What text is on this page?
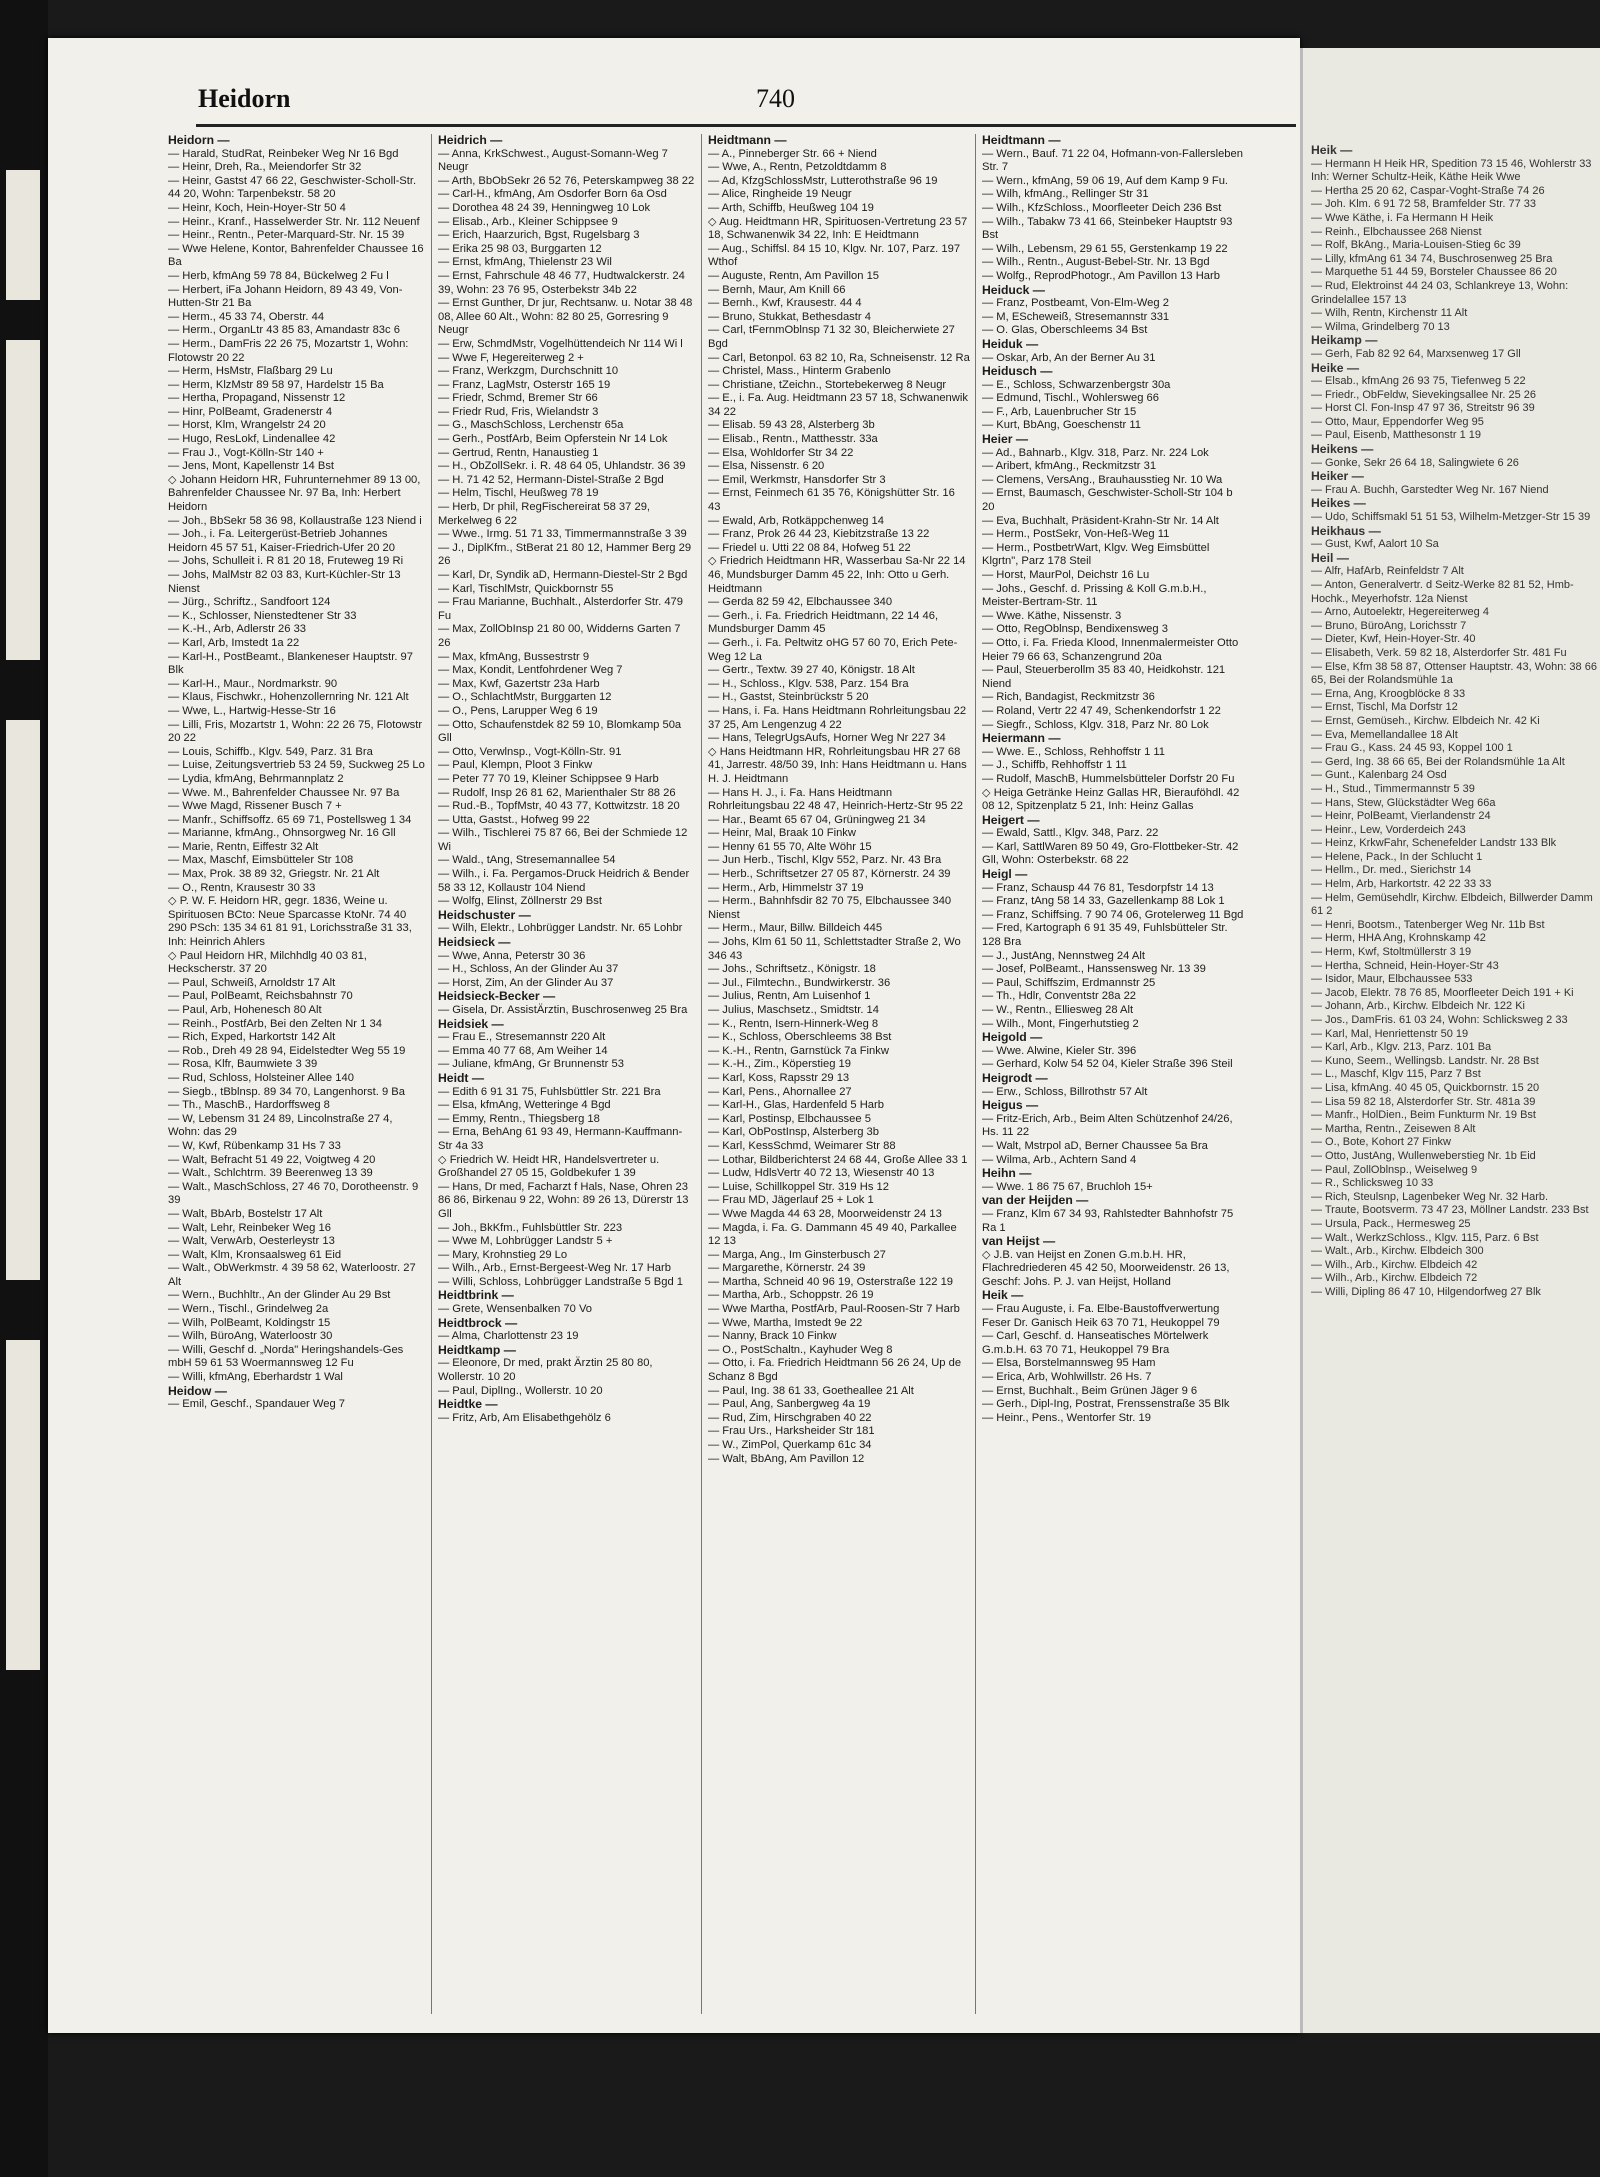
Heidorn	740

Heidorn —

— Harald, StudRat, Reinbeker Weg Nr 16 Bgd

— Heinr, Dreh, Ra., Meiendorfer Str 32

— Heinr, Gastst 47 66 22, Geschwister-Scholl-Str. 44 20, Wohn: Tarpenbekstr. 58 20

— Heinr, Koch, Hein-Hoyer-Str 50 4

— Heinr., Kranf., Hasselwerder Str. Nr. 112 Neuenf

— Heinr., Rentn., Peter-Marquard-Str. Nr. 15 39

— Wwe Helene, Kontor, Bahrenfelder Chaussee 16 Ba

— Herb, kfmAng 59 78 84, Bückelweg 2 Fu l

— Herbert, iFa Johann Heidorn, 89 43 49, Von-Hutten-Str 21 Ba

— Herm., 45 33 74, Oberstr. 44

— Herm., OrganLtr 43 85 83, Amandastr 83c 6

— Herm., DamFris 22 26 75, Mozartstr 1, Wohn: Flotowstr 20 22

— Herm, HsMstr, Flaßbarg 29 Lu

— Herm, KlzMstr 89 58 97, Hardelstr 15 Ba

— Hertha, Propagand, Nissenstr 12

— Hinr, PolBeamt, Gradenerstr 4

— Horst, Klm, Wrangelstr 24 20

— Hugo, ResLokf, Lindenallee 42

— Frau J., Vogt-Kölln-Str 140 +

— Jens, Mont, Kapellenstr 14 Bst

◇ Johann Heidorn HR, Fuhrunternehmer 89 13 00, Bahrenfelder Chaussee Nr. 97 Ba, Inh: Herbert Heidorn

— Joh., BbSekr 58 36 98, Kollaustraße 123 Niend i

— Joh., i. Fa. Leitergerüst-Betrieb Johannes Heidorn 45 57 51, Kaiser-Friedrich-Ufer 20 20

— Johs, Schulleit i. R 81 20 18, Fruteweg 19 Ri

— Johs, MalMstr 82 03 83, Kurt-Küchler-Str 13 Nienst

— Jürg., Schriftz., Sandfoort 124

— K., Schlosser, Nienstedtener Str 33

— K.-H., Arb, Adlerstr 26 33

— Karl, Arb, Imstedt 1a 22

— Karl-H., PostBeamt., Blankeneser Hauptstr. 97 Blk

— Karl-H., Maur., Nordmarkstr. 90

— Klaus, Fischwkr., Hohenzollernring Nr. 121 Alt

— Wwe, L., Hartwig-Hesse-Str 16

— Lilli, Fris, Mozartstr 1, Wohn: 22 26 75, Flotowstr 20 22

— Louis, Schiffb., Klgv. 549, Parz. 31 Bra

— Luise, Zeitungsvertrieb 53 24 59, Suckweg 25 Lo

— Lydia, kfmAng, Behrmannplatz 2

— Wwe. M., Bahrenfelder Chaussee Nr. 97 Ba

— Wwe Magd, Rissener Busch 7 +

— Manfr., Schiffsoffz. 65 69 71, Postellsweg 1 34

— Marianne, kfmAng., Ohnsorgweg Nr. 16 Gll

— Marie, Rentn, Eiffestr 32 Alt

— Max, Maschf, Eimsbütteler Str 108

— Max, Prok. 38 89 32, Griegstr. Nr. 21 Alt

— O., Rentn, Krausestr 30 33

◇ P. W. F. Heidorn HR, gegr. 1836, Weine u. Spirituosen BCto: Neue Sparcasse KtoNr. 74 40 290 PSch: 135 34 61 81 91, Lorichsstraße 31 33, Inh: Heinrich Ahlers

◇ Paul Heidorn HR, Milchhdlg 40 03 81, Heckscherstr. 37 20

— Paul, Schweiß, Arnoldstr 17 Alt

— Paul, PolBeamt, Reichsbahnstr 70

— Paul, Arb, Hohenesch 80 Alt

— Reinh., PostfArb, Bei den Zelten Nr 1 34

— Rich, Exped, Harkortstr 142 Alt

— Rob., Dreh 49 28 94, Eidelstedter Weg 55 19

— Rosa, Klfr, Baumwiete 3 39

— Rud, Schloss, Holsteiner Allee 140

— Siegb., tBblnsp. 89 34 70, Langenhorst. 9 Ba

— Th., MaschB., Hardorffsweg 8

— W, Lebensm 31 24 89, Lincolnstraße 27 4, Wohn: das 29

— W, Kwf, Rübenkamp 31 Hs 7 33

— Walt, Befracht 51 49 22, Voigtweg 4 20

— Walt., Schlchtrm. 39 Beerenweg 13 39

— Walt., MaschSchloss, 27 46 70, Dorotheenstr. 9 39

— Walt, BbArb, Bostelstr 17 Alt

— Walt, Lehr, Reinbeker Weg 16

— Walt, VerwArb, Oesterleystr 13

— Walt, Klm, Kronsaalsweg 61 Eid

— Walt., ObWerkmstr. 4 39 58 62, Waterloostr. 27 Alt

— Wern., Buchhltr., An der Glinder Au 29 Bst

— Wern., Tischl., Grindelweg 2a

— Wilh, PolBeamt, Koldingstr 15

— Wilh, BüroAng, Waterloostr 30

— Willi, Geschf d. „Norda" Heringshandels-Ges mbH 59 61 53 Woermannsweg 12 Fu

— Willi, kfmAng, Eberhardstr 1 Wal

Heidow —

— Emil, Geschf., Spandauer Weg 7

Heidrich —

— Anna, KrkSchwest., August-Somann-Weg 7 Neugr

— Arth, BbObSekr 26 52 76, Peterskampweg 38 22

— Carl-H., kfmAng, Am Osdorfer Born 6a Osd

— Dorothea 48 24 39, Henningweg 10 Lok

— Elisab., Arb., Kleiner Schippsee 9

— Erich, Haarzurich, Bgst, Rugelsbarg 3

— Erika 25 98 03, Burggarten 12

— Ernst, kfmAng, Thielenstr 23 Wil

— Ernst, Fahrschule 48 46 77, Hudtwalckerstr. 24 39, Wohn: 23 76 95, Osterbekstr 34b 22

— Ernst Gunther, Dr jur, Rechtsanw. u. Notar 38 48 08, Allee 60 Alt., Wohn: 82 80 25, Gorresring 9 Neugr

— Erw, SchmdMstr, Vogelhüttendeich Nr 114 Wi l

— Wwe F, Hegereiterweg 2 +

— Franz, Werkzgm, Durchschnitt 10

— Franz, LagMstr, Osterstr 165 19

— Friedr, Schmd, Bremer Str 66

— Friedr Rud, Fris, Wielandstr 3

— G., MaschSchloss, Lerchenstr 65a

— Gerh., PostfArb, Beim Opferstein Nr 14 Lok

— Gertrud, Rentn, Hanaustieg 1

— H., ObZollSekr. i. R. 48 64 05, Uhlandstr. 36 39

— H. 71 42 52, Hermann-Distel-Straße 2 Bgd

— Helm, Tischl, Heußweg 78 19

— Herb, Dr phil, RegFischereirat 58 37 29, Merkelweg 6 22

— Wwe., Irmg. 51 71 33, Timmermannstraße 3 39

— J., DiplKfm., StBerat 21 80 12, Hammer Berg 29 26

— Karl, Dr, Syndik aD, Hermann-Diestel-Str 2 Bgd

— Karl, TischlMstr, Quickbornstr 55

— Frau Marianne, Buchhalt., Alsterdorfer Str. 479 Fu

— Max, ZollObInsp 21 80 00, Widderns Garten 7 26

— Max, kfmAng, Bussestrstr 9

— Max, Kondit, Lentfohrdener Weg 7

— Max, Kwf, Gazertstr 23a Harb

— O., SchlachtMstr, Burggarten 12

— O., Pens, Larupper Weg 6 19

— Otto, Schaufenstdek 82 59 10, Blomkamp 50a Gll

— Otto, Verwlnsp., Vogt-Kölln-Str. 91

— Paul, Klempn, Ploot 3 Finkw

— Peter 77 70 19, Kleiner Schippsee 9 Harb

— Rudolf, Insp 26 81 62, Marienthaler Str 88 26

— Rud.-B., TopfMstr, 40 43 77, Kottwitzstr. 18 20

— Utta, Gastst., Hofweg 99 22

— Wilh., Tischlerei 75 87 66, Bei der Schmiede 12 Wi

— Wald., tAng, Stresemannallee 54

— Wilh., i. Fa. Pergamos-Druck Heidrich & Bender 58 33 12, Kollaustr 104 Niend

— Wolfg, Elinst, Zöllnerstr 29 Bst

Heidschuster —

— Wilh, Elektr., Lohbrügger Landstr. Nr. 65 Lohbr

Heidsieck —

— Wwe, Anna, Peterstr 30 36

— H., Schloss, An der Glinder Au 37

— Horst, Zim, An der Glinder Au 37

Heidsieck-Becker —

— Gisela, Dr. AssistÄrztin, Buschrosenweg 25 Bra

Heidsiek —

— Frau E., Stresemannstr 220 Alt

— Emma 40 77 68, Am Weiher 14

— Juliane, kfmAng, Gr Brunnenstr 53

Heidt —

— Edith 6 91 31 75, Fuhlsbüttler Str. 221 Bra

— Elsa, kfmAng, Wetteringe 4 Bgd

— Emmy, Rentn., Thiegsberg 18

— Erna, BehAng 61 93 49, Hermann-Kauffmann-Str 4a 33

◇ Friedrich W. Heidt HR, Handelsvertreter u. Großhandel 27 05 15, Goldbekufer 1 39

— Hans, Dr med, Facharzt f Hals, Nase, Ohren 23 86 86, Birkenau 9 22, Wohn: 89 26 13, Dürerstr 13 Gll

— Joh., BkKfm., Fuhlsbüttler Str. 223

— Wwe M, Lohbrügger Landstr 5 +

— Mary, Krohnstieg 29 Lo

— Wilh., Arb., Ernst-Bergeest-Weg Nr. 17 Harb

— Willi, Schloss, Lohbrügger Landstraße 5 Bgd 1

Heidtbrink —

— Grete, Wensenbalken 70 Vo

Heidtbrock —

— Alma, Charlottenstr 23 19

Heidtkamp —

— Eleonore, Dr med, prakt Ärztin 25 80 80, Wollerstr. 10 20

— Paul, DiplIng., Wollerstr. 10 20

Heidtke —

— Fritz, Arb, Am Elisabethgehölz 6

Heidtmann —

— A., Pinneberger Str. 66 + Niend

— Wwe, A., Rentn, Petzoldtdamm 8

— Ad, KfzgSchlossMstr, Lutterothstraße 96 19

— Alice, Ringheide 19 Neugr

— Arth, Schiffb, Heußweg 104 19

◇ Aug. Heidtmann HR, Spirituosen-Vertretung 23 57 18, Schwanenwik 34 22, Inh: E Heidtmann

— Aug., Schiffsl. 84 15 10, Klgv. Nr. 107, Parz. 197 Wthof

— Auguste, Rentn, Am Pavillon 15

— Bernh, Maur, Am Knill 66

— Bernh., Kwf, Krausestr. 44 4

— Bruno, Stukkat, Bethesdastr 4

— Carl, tFernmOblnsp 71 32 30, Bleicherwiete 27 Bgd

— Carl, Betonpol. 63 82 10, Ra, Schneisenstr. 12 Ra

— Christel, Mass., Hinterm Grabenlo

— Christiane, tZeichn., Stortebekerweg 8 Neugr

— E., i. Fa. Aug. Heidtmann 23 57 18, Schwanenwik 34 22

— Elisab. 59 43 28, Alsterberg 3b

— Elisab., Rentn., Matthesstr. 33a

— Elsa, Wohldorfer Str 34 22

— Elsa, Nissenstr. 6 20

— Emil, Werkmstr, Hansdorfer Str 3

— Ernst, Feinmech 61 35 76, Königshütter Str. 16 43

— Ewald, Arb, Rotkäppchenweg 14

— Franz, Prok 26 44 23, Kiebitzstraße 13 22

— Friedel u. Utti 22 08 84, Hofweg 51 22

◇ Friedrich Heidtmann HR, Wasserbau Sa-Nr 22 14 46, Mundsburger Damm 45 22, Inh: Otto u Gerh. Heidtmann

— Gerda 82 59 42, Elbchaussee 340

— Gerh., i. Fa. Friedrich Heidtmann, 22 14 46, Mundsburger Damm 45

— Gerh., i. Fa. Peltwitz oHG 57 60 70, Erich Pete-Weg 12 La

— Gertr., Textw. 39 27 40, Königstr. 18 Alt

— H., Schloss., Klgv. 538, Parz. 154 Bra

— H., Gastst, Steinbrückstr 5 20

— Hans, i. Fa. Hans Heidtmann Rohrleitungsbau 22 37 25, Am Lengenzug 4 22

— Hans, TelegrUgsAufs, Horner Weg Nr 227 34

◇ Hans Heidtmann HR, Rohrleitungsbau HR 27 68 41, Jarrestr. 48/50 39, Inh: Hans Heidtmann u. Hans H. J. Heidtmann

— Hans H. J., i. Fa. Hans Heidtmann Rohrleitungsbau 22 48 47, Heinrich-Hertz-Str 95 22

— Har., Beamt 65 67 04, Grüningweg 21 34

— Heinr, Mal, Braak 10 Finkw

— Henny 61 55 70, Alte Wöhr 15

— Jun Herb., Tischl, Klgv 552, Parz. Nr. 43 Bra

— Herb., Schriftsetzer 27 05 87, Körnerstr. 24 39

— Herm., Arb, Himmelstr 37 19

— Herm., Bahnhfsdir 82 70 75, Elbchaussee 340 Nienst

— Herm., Maur, Billw. Billdeich 445

— Johs, Klm 61 50 11, Schlettstadter Straße 2, Wo 346 43

— Johs., Schriftsetz., Königstr. 18

— Jul., Filmtechn., Bundwirkerstr. 36

— Julius, Rentn, Am Luisenhof 1

— Julius, Maschsetz., Smidtstr. 14

— K., Rentn, Isern-Hinnerk-Weg 8

— K., Schloss, Oberschleems 38 Bst

— K.-H., Rentn, Garnstück 7a Finkw

— K.-H., Zim., Köperstieg 19

— Karl, Koss, Rapsstr 29 13

— Karl, Pens., Ahornallee 27

— Karl-H., Glas, Hardenfeld 5 Harb

— Karl, Postinsp, Elbchaussee 5

— Karl, ObPostInsp, Alsterberg 3b

— Karl, KessSchmd, Weimarer Str 88

— Lothar, Bildberichterst 24 68 44, Große Allee 33 1

— Ludw, HdlsVertr 40 72 13, Wiesenstr 40 13

— Luise, Schillkoppel Str. 319 Hs 12

— Frau MD, Jägerlauf 25 + Lok 1

— Wwe Magda 44 63 28, Moorweidenstr 24 13

— Magda, i. Fa. G. Dammann 45 49 40, Parkallee 12 13

— Marga, Ang., Im Ginsterbusch 27

— Margarethe, Körnerstr. 24 39

— Martha, Schneid 40 96 19, Osterstraße 122 19

— Martha, Arb., Schoppstr. 26 19

— Wwe Martha, PostfArb, Paul-Roosen-Str 7 Harb

— Wwe, Martha, Imstedt 9e 22

— Nanny, Brack 10 Finkw

— O., PostSchaltn., Kayhuder Weg 8

— Otto, i. Fa. Friedrich Heidtmann 56 26 24, Up de Schanz 8 Bgd

— Paul, Ing. 38 61 33, Goetheallee 21 Alt

— Paul, Ang, Sanbergweg 4a 19

— Rud, Zim, Hirschgraben 40 22

— Frau Urs., Harksheider Str 181

— W., ZimPol, Querkamp 61c 34

— Walt, BbAng, Am Pavillon 12

Heidtmann —

— Wern., Bauf. 71 22 04, Hofmann-von-Fallersleben Str. 7

— Wern., kfmAng, 59 06 19, Auf dem Kamp 9 Fu.

— Wilh, kfmAng., Rellinger Str 31

— Wilh., KfzSchloss., Moorfleeter Deich 236 Bst

— Wilh., Tabakw 73 41 66, Steinbeker Hauptstr 93 Bst

— Wilh., Lebensm, 29 61 55, Gerstenkamp 19 22

— Wilh., Rentn., August-Bebel-Str. Nr. 13 Bgd

— Wolfg., ReprodPhotogr., Am Pavillon 13 Harb

Heiduck —

— Franz, Postbeamt, Von-Elm-Weg 2

— M, EScheweiß, Stresemannstr 331

— O. Glas, Oberschleems 34 Bst

Heiduk —

— Oskar, Arb, An der Berner Au 31

Heidusch —

— E., Schloss, Schwarzenbergstr 30a

— Edmund, Tischl., Wohlersweg 66

— F., Arb, Lauenbrucher Str 15

— Kurt, BbAng, Goeschenstr 11

Heier —

— Ad., Bahnarb., Klgv. 318, Parz. Nr. 224 Lok

— Aribert, kfmAng., Reckmitzstr 31

— Clemens, VersAng., Brauhausstieg Nr. 10 Wa

— Ernst, Baumasch, Geschwister-Scholl-Str 104 b 20

— Eva, Buchhalt, Präsident-Krahn-Str Nr. 14 Alt

— Herm., PostSekr, Von-Heß-Weg 11

— Herm., PostbetrWart, Klgv. Weg Eimsbüttel Klgrtn", Parz 178 Steil

— Horst, MaurPol, Deichstr 16 Lu

— Johs., Geschf. d. Prissing & Koll G.m.b.H., Meister-Bertram-Str. 11

— Wwe. Käthe, Nissenstr. 3

— Otto, RegOblnsp, Bendixensweg 3

— Otto, i. Fa. Frieda Klood, Innenmalermeister Otto Heier 79 66 63, Schanzengrund 20a

— Paul, Steuerberollm 35 83 40, Heidkohstr. 121 Niend

— Rich, Bandagist, Reckmitzstr 36

— Roland, Vertr 22 47 49, Schenkendorfstr 1 22

— Siegfr., Schloss, Klgv. 318, Parz Nr. 80 Lok

Heiermann —

— Wwe. E., Schloss, Rehhoffstr 1 11

— J., Schiffb, Rehhoffstr 1 11

— Rudolf, MaschB, Hummelsbütteler Dorfstr 20 Fu

◇ Heiga Getränke Heinz Gallas HR, Bierauföhdl. 42 08 12, Spitzenplatz 5 21, Inh: Heinz Gallas

Heigert —

— Ewald, Sattl., Klgv. 348, Parz. 22

— Karl, SattlWaren 89 50 49, Gro-Flottbeker-Str. 42 Gll, Wohn: Osterbekstr. 68 22

Heigl —

— Franz, Schausp 44 76 81, Tesdorpfstr 14 13

— Franz, tAng 58 14 33, Gazellenkamp 88 Lok 1

— Franz, Schiffsing. 7 90 74 06, Grotelerweg 11 Bgd

— Fred, Kartograph 6 91 35 49, Fuhlsbütteler Str. 128 Bra

— J., JustAng, Nennstweg 24 Alt

— Josef, PolBeamt., Hanssensweg Nr. 13 39

— Paul, Schiffszim, Erdmannstr 25

— Th., Hdlr, Conventstr 28a 22

— W., Rentn., Elliesweg 28 Alt

— Wilh., Mont, Fingerhutstieg 2

Heigold —

— Wwe. Alwine, Kieler Str. 396

— Gerhard, Kolw 54 52 04, Kieler Straße 396 Steil

Heigrodt —

— Erw., Schloss, Billrothstr 57 Alt

Heigus —

— Fritz-Erich, Arb., Beim Alten Schützenhof 24/26, Hs. 11 22

— Walt, Mstrpol aD, Berner Chaussee 5a Bra

— Wilma, Arb., Achtern Sand 4

Heihn —

— Wwe. 1 86 75 67, Bruchloh 15+

van der Heijden —

— Franz, Klm 67 34 93, Rahlstedter Bahnhofstr 75 Ra 1

van Heijst —

◇ J.B. van Heijst en Zonen G.m.b.H. HR, Flachredriederen 45 42 50, Moorweidenstr. 26 13, Geschf: Johs. P. J. van Heijst, Holland

Heik —

— Frau Auguste, i. Fa. Elbe-Baustoffverwertung Feser Dr. Ganisch Heik 63 70 71, Heukoppel 79

— Carl, Geschf. d. Hanseatisches Mörtelwerk G.m.b.H. 63 70 71, Heukoppel 79 Bra

— Elsa, Borstelmannsweg 95 Ham

— Erica, Arb, Wohlwillstr. 26 Hs. 7

— Ernst, Buchhalt., Beim Grünen Jäger 9 6

— Gerh., Dipl-Ing, Postrat, Frenssenstraße 35 Blk

— Heinr., Pens., Wentorfer Str. 19

Heik —

— Hermann H Heik HR, Spedition 73 15 46, Wohlerstr 33

Inh: Werner Schultz-Heik, Käthe Heik Wwe

— Hertha 25 20 62, Caspar-Voght-Straße 74 26

— Joh. Klm. 6 91 72 58, Bramfelder Str. 77 33

— Wwe Käthe, i. Fa Hermann H Heik

— Reinh., Elbchaussee 268 Nienst

— Rolf, BkAng., Maria-Louisen-Stieg 6c 39

— Lilly, kfmAng 61 34 74, Buschrosenweg 25 Bra

— Marquethe 51 44 59, Borsteler Chaussee 86 20

— Rud, Elektroinst 44 24 03, Schlankreye 13, Wohn: Grindelallee 157 13

— Wilh, Rentn, Kirchenstr 11 Alt

— Wilma, Grindelberg 70 13

Heikamp —

— Gerh, Fab 82 92 64, Marxsenweg 17 Gll

Heike —

— Elsab., kfmAng 26 93 75, Tiefenweg 5 22

— Friedr., ObFeldw, Sievekingsallee Nr. 25 26

— Horst Cl. Fon-Insp 47 97 36, Streitstr 96 39

— Otto, Maur, Eppendorfer Weg 95

— Paul, Eisenb, Matthesonstr 1 19

Heikens —

— Gonke, Sekr 26 64 18, Salingwiete 6 26

Heiker —

— Frau A. Buchh, Garstedter Weg Nr. 167 Niend

Heikes —

— Udo, Schiffsmakl 51 51 53, Wilhelm-Metzger-Str 15 39

Heikhaus —

— Gust, Kwf, Aalort 10 Sa

Heil —

— Alfr, HafArb, Reinfeldstr 7 Alt

— Anton, Generalvertr. d Seitz-Werke 82 81 52, Hmb-Hochk., Meyerhofstr. 12a Nienst

— Arno, Autoelektr, Hegereiterweg 4

— Bruno, BüroAng, Lorichsstr 7

— Dieter, Kwf, Hein-Hoyer-Str. 40

— Elisabeth, Verk. 59 82 18, Alsterdorfer Str. 481 Fu

— Else, Kfm 38 58 87, Ottenser Hauptstr. 43, Wohn: 38 66 65, Bei der Rolandsmühle 1a

— Erna, Ang, Kroogblöcke 8 33

— Ernst, Tischl, Ma Dorfstr 12

— Ernst, Gemüseh., Kirchw. Elbdeich Nr. 42 Ki

— Eva, Memellandallee 18 Alt

— Frau G., Kass. 24 45 93, Koppel 100 1

— Gerd, Ing. 38 66 65, Bei der Rolandsmühle 1a Alt

— Gunt., Kalenbarg 24 Osd

— H., Stud., Timmermannstr 5 39

— Hans, Stew, Glückstädter Weg 66a

— Heinr, PolBeamt, Vierlandenstr 24

— Heinr., Lew, Vorderdeich 243

— Heinz, KrkwFahr, Schenefelder Landstr 133 Blk

— Helene, Pack., In der Schlucht 1

— Hellm., Dr. med., Sierichstr 14

— Helm, Arb, Harkortstr. 42 22 33 33

— Helm, Gemüsehdlr, Kirchw. Elbdeich, Billwerder Damm 61 2

— Henri, Bootsm., Tatenberger Weg Nr. 11b Bst

— Herm, HHA Ang, Krohnskamp 42

— Herm, Kwf, Stoltmüllerstr 3 19

— Hertha, Schneid, Hein-Hoyer-Str 43

— Isidor, Maur, Elbchaussee 533

— Jacob, Elektr. 78 76 85, Moorfleeter Deich 191 + Ki

— Johann, Arb., Kirchw. Elbdeich Nr. 122 Ki

— Jos., DamFris. 61 03 24, Wohn: Schlicksweg 2 33

— Karl, Mal, Henriettenstr 50 19

— Karl, Arb., Klgv. 213, Parz. 101 Ba

— Kuno, Seem., Wellingsb. Landstr. Nr. 28 Bst

— L., Maschf, Klgv 115, Parz 7 Bst

— Lisa, kfmAng. 40 45 05, Quickbornstr. 15 20

— Lisa 59 82 18, Alsterdorfer Str. Str. 481a 39

— Manfr., HolDien., Beim Funkturm Nr. 19 Bst

— Martha, Rentn., Zeisewen 8 Alt

— O., Bote, Kohort 27 Finkw

— Otto, JustAng, Wullenweberstieg Nr. 1b Eid

— Paul, ZollOblnsp., Weiselweg 9

— R., Schlicksweg 10 33

— Rich, Steulsnp, Lagenbeker Weg Nr. 32 Harb.

— Traute, Bootsverm. 73 47 23, Möllner Landstr. 233 Bst

— Ursula, Pack., Hermesweg 25

— Walt., WerkzSchloss., Klgv. 115, Parz. 6 Bst

— Walt., Arb., Kirchw. Elbdeich 300

— Wilh., Arb., Kirchw. Elbdeich 42

— Wilh., Arb., Kirchw. Elbdeich 72

— Willi, Dipling 86 47 10, Hilgendorfweg 27 Blk
